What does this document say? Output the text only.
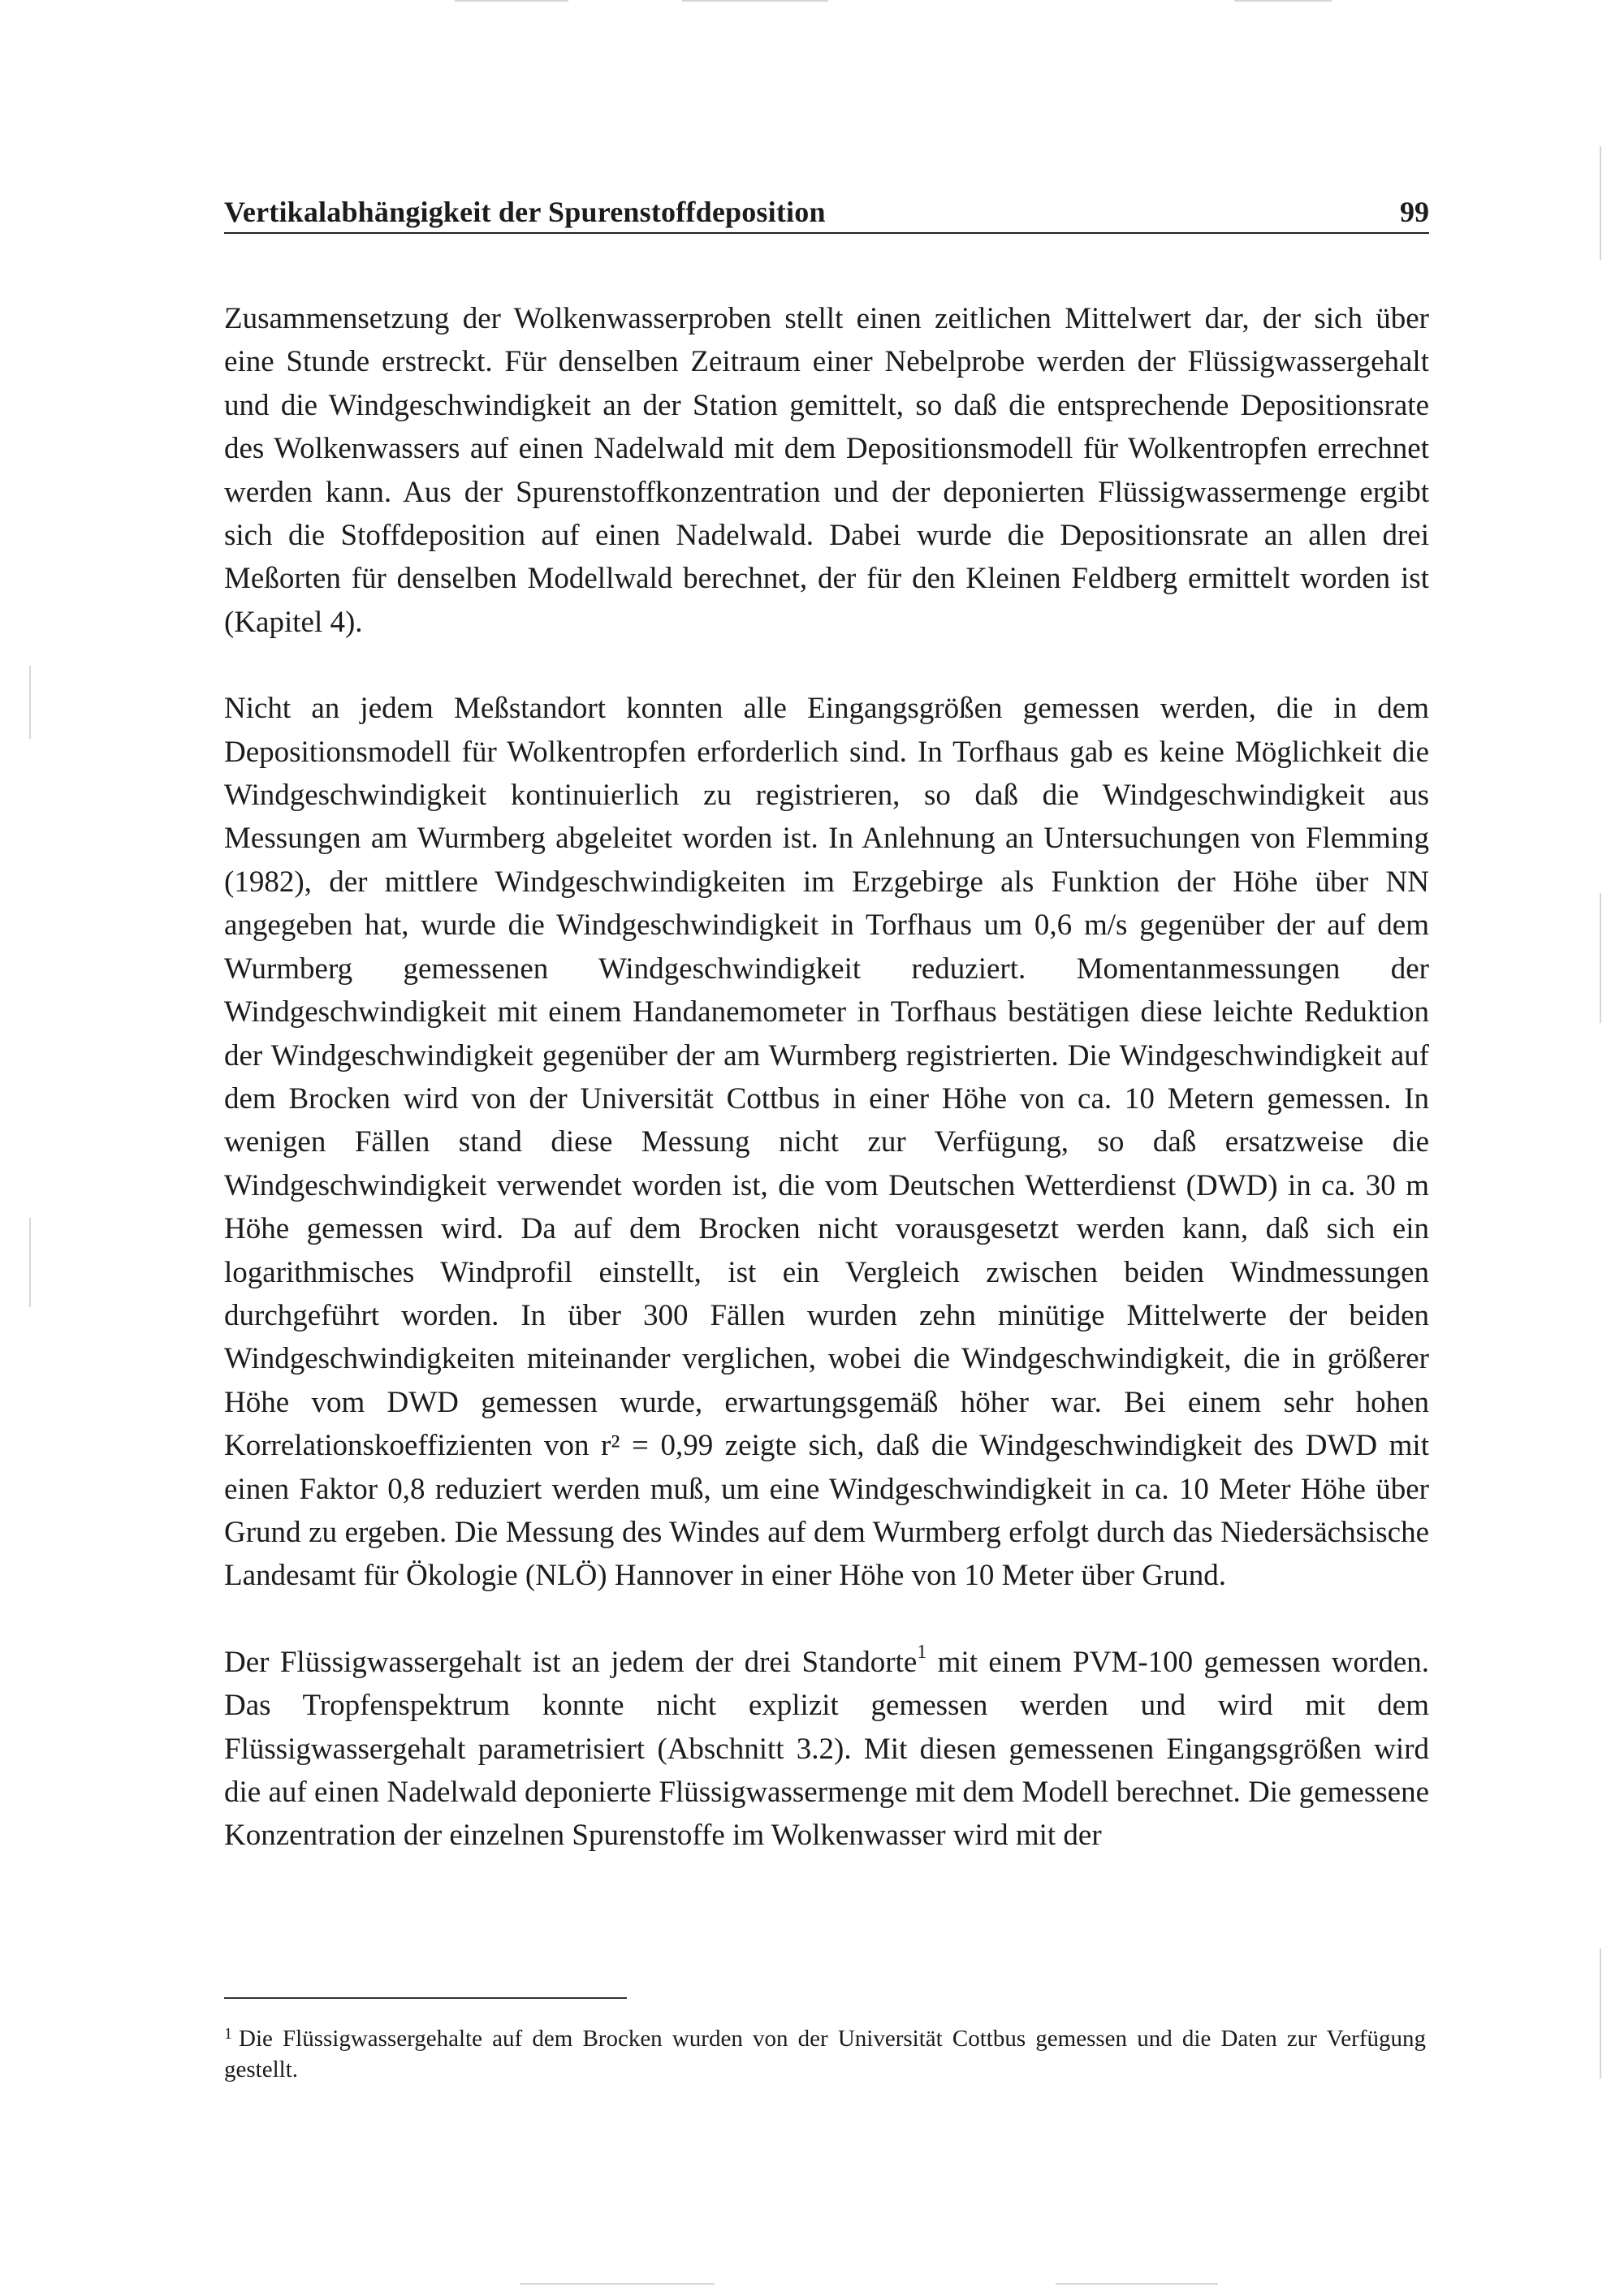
Vertikalabhängigkeit der Spurenstoffdeposition	99

Zusammensetzung der Wolkenwasserproben stellt einen zeitlichen Mittelwert dar, der sich über eine Stunde erstreckt. Für denselben Zeitraum einer Nebelprobe werden der Flüssigwassergehalt und die Windgeschwindigkeit an der Station gemittelt, so daß die entsprechende Depositionsrate des Wolkenwassers auf einen Nadelwald mit dem Depositionsmodell für Wolkentropfen errechnet werden kann. Aus der Spurenstoffkonzentration und der deponierten Flüssigwassermenge ergibt sich die Stoffdeposition auf einen Nadelwald. Dabei wurde die Depositionsrate an allen drei Meßorten für denselben Modellwald berechnet, der für den Kleinen Feldberg ermittelt worden ist (Kapitel 4).

Nicht an jedem Meßstandort konnten alle Eingangsgrößen gemessen werden, die in dem Depositionsmodell für Wolkentropfen erforderlich sind. In Torfhaus gab es keine Möglichkeit die Windgeschwindigkeit kontinuierlich zu registrieren, so daß die Windgeschwindigkeit aus Messungen am Wurmberg abgeleitet worden ist. In Anlehnung an Untersuchungen von Flemming (1982), der mittlere Windgeschwindigkeiten im Erzgebirge als Funktion der Höhe über NN angegeben hat, wurde die Windgeschwindigkeit in Torfhaus um 0,6 m/s gegenüber der auf dem Wurmberg gemessenen Windgeschwindigkeit reduziert. Momentanmessungen der Windgeschwindigkeit mit einem Handanemometer in Torfhaus bestätigen diese leichte Reduktion der Windgeschwindigkeit gegenüber der am Wurmberg registrierten. Die Windgeschwindigkeit auf dem Brocken wird von der Universität Cottbus in einer Höhe von ca. 10 Metern gemessen. In wenigen Fällen stand diese Messung nicht zur Verfügung, so daß ersatzweise die Windgeschwindigkeit verwendet worden ist, die vom Deutschen Wetterdienst (DWD) in ca. 30 m Höhe gemessen wird. Da auf dem Brocken nicht vorausgesetzt werden kann, daß sich ein logarithmisches Windprofil einstellt, ist ein Vergleich zwischen beiden Windmessungen durchgeführt worden. In über 300 Fällen wurden zehn minütige Mittelwerte der beiden Windgeschwindigkeiten miteinander verglichen, wobei die Windgeschwindigkeit, die in größerer Höhe vom DWD gemessen wurde, erwartungsgemäß höher war. Bei einem sehr hohen Korrelationskoeffizienten von r² = 0,99 zeigte sich, daß die Windgeschwindigkeit des DWD mit einen Faktor 0,8 reduziert werden muß, um eine Windgeschwindigkeit in ca. 10 Meter Höhe über Grund zu ergeben. Die Messung des Windes auf dem Wurmberg erfolgt durch das Niedersächsische Landesamt für Ökologie (NLÖ) Hannover in einer Höhe von 10 Meter über Grund.

Der Flüssigwassergehalt ist an jedem der drei Standorte$^1$ mit einem PVM-100 gemessen worden. Das Tropfenspektrum konnte nicht explizit gemessen werden und wird mit dem Flüssigwassergehalt parametrisiert (Abschnitt 3.2). Mit diesen gemessenen Eingangsgrößen wird die auf einen Nadelwald deponierte Flüssigwassermenge mit dem Modell berechnet. Die gemessene Konzentration der einzelnen Spurenstoffe im Wolkenwasser wird mit der

$^1$ Die Flüssigwassergehalte auf dem Brocken wurden von der Universität Cottbus gemessen und die Daten zur Verfügung gestellt.
